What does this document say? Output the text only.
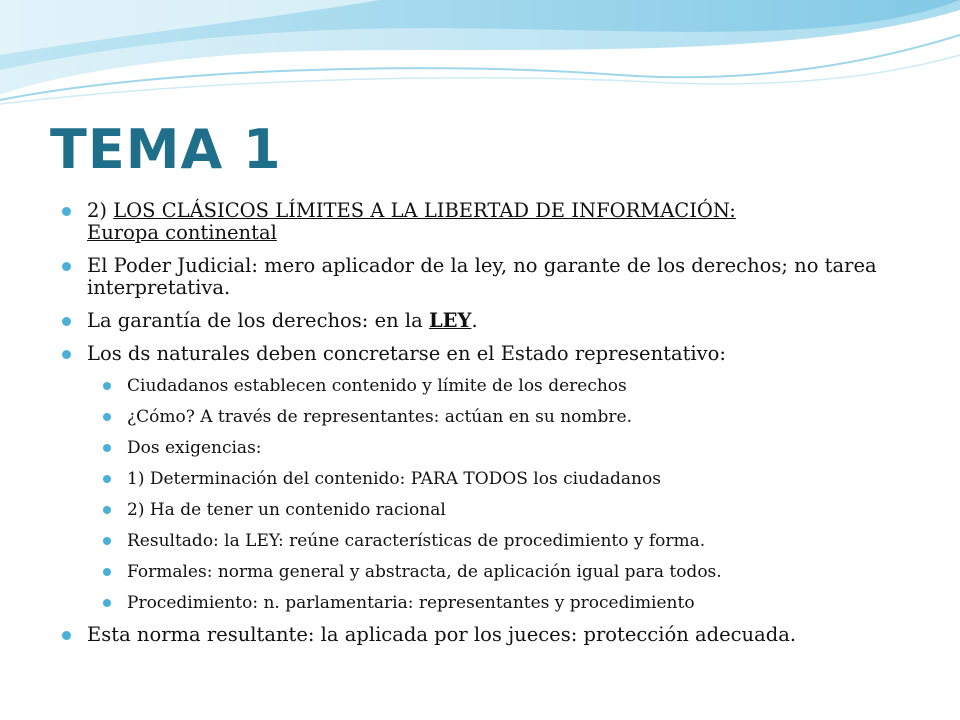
TEMA 1
2) LOS CLÁSICOS LÍMITES A LA LIBERTAD DE INFORMACIÓN:
Europa continental
El Poder Judicial: mero aplicador de la ley, no garante de los derechos; no tarea interpretativa.
La garantía de los derechos: en la LEY.
Los ds naturales deben concretarse en el Estado representativo:
Ciudadanos establecen contenido y límite de los derechos
¿Cómo? A través de representantes: actúan en su nombre.
Dos exigencias:
1) Determinación del contenido: PARA TODOS los ciudadanos
2) Ha de tener un contenido racional
Resultado: la LEY: reúne características de procedimiento y forma.
Formales: norma general y abstracta, de aplicación igual para todos.
Procedimiento: n. parlamentaria: representantes y procedimiento
Esta norma resultante: la aplicada por los jueces: protección adecuada.
